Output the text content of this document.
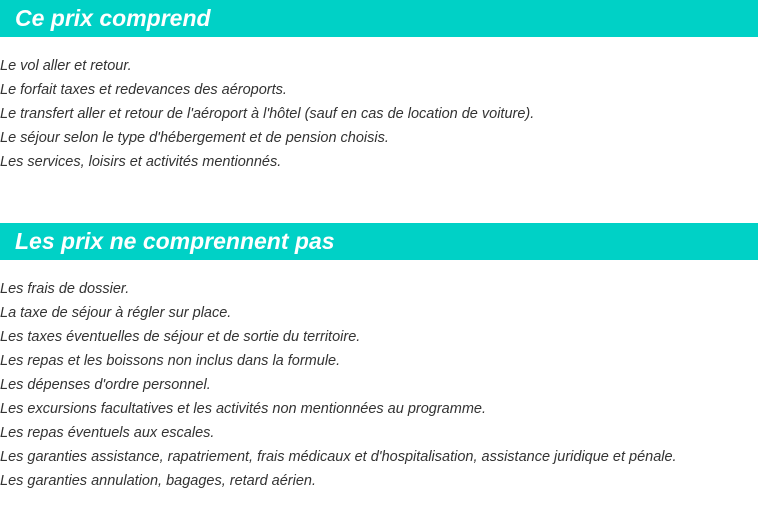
Ce prix comprend
Le vol aller et retour.
Le forfait taxes et redevances des aéroports.
Le transfert aller et retour de l'aéroport à l'hôtel (sauf en cas de location de voiture).
Le séjour selon le type d'hébergement et de pension choisis.
Les services, loisirs et activités mentionnés.
Les prix ne comprennent pas
Les frais de dossier.
La taxe de séjour à régler sur place.
Les taxes éventuelles de séjour et de sortie du territoire.
Les repas et les boissons non inclus dans la formule.
Les dépenses d'ordre personnel.
Les excursions facultatives et les activités non mentionnées au programme.
Les repas éventuels aux escales.
Les garanties assistance, rapatriement, frais médicaux et d'hospitalisation, assistance juridique et pénale.
Les garanties annulation, bagages, retard aérien.
